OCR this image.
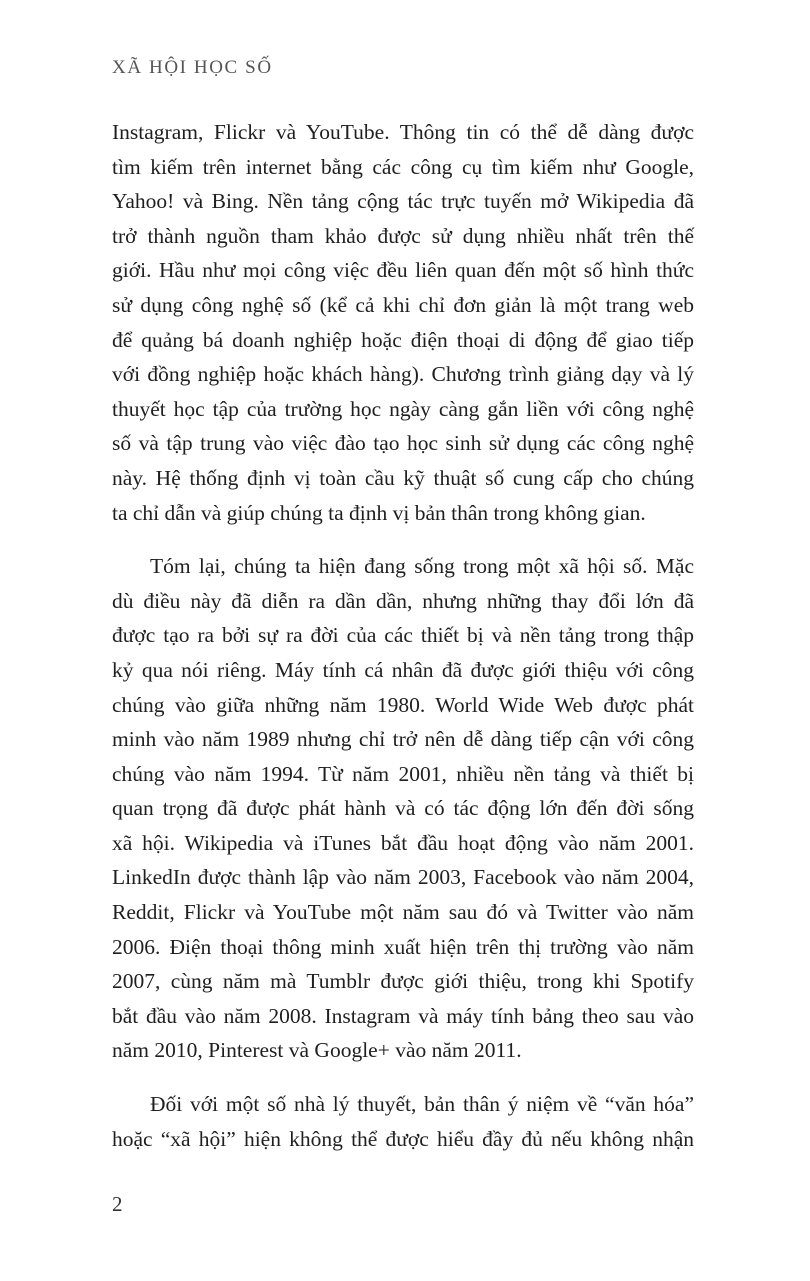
XÃ HỘI HỌC SỐ
Instagram, Flickr và YouTube. Thông tin có thể dễ dàng được
tìm kiếm trên internet bằng các công cụ tìm kiếm như Google,
Yahoo! và Bing. Nền tảng cộng tác trực tuyến mở Wikipedia đã
trở thành nguồn tham khảo được sử dụng nhiều nhất trên thế
giới. Hầu như mọi công việc đều liên quan đến một số hình thức
sử dụng công nghệ số (kể cả khi chỉ đơn giản là một trang web
để quảng bá doanh nghiệp hoặc điện thoại di động để giao tiếp
với đồng nghiệp hoặc khách hàng). Chương trình giảng dạy và lý
thuyết học tập của trường học ngày càng gắn liền với công nghệ
số và tập trung vào việc đào tạo học sinh sử dụng các công nghệ
này. Hệ thống định vị toàn cầu kỹ thuật số cung cấp cho chúng
ta chỉ dẫn và giúp chúng ta định vị bản thân trong không gian.
Tóm lại, chúng ta hiện đang sống trong một xã hội số. Mặc
dù điều này đã diễn ra dần dần, nhưng những thay đổi lớn đã
được tạo ra bởi sự ra đời của các thiết bị và nền tảng trong thập
kỷ qua nói riêng. Máy tính cá nhân đã được giới thiệu với công
chúng vào giữa những năm 1980. World Wide Web được phát
minh vào năm 1989 nhưng chỉ trở nên dễ dàng tiếp cận với công
chúng vào năm 1994. Từ năm 2001, nhiều nền tảng và thiết bị
quan trọng đã được phát hành và có tác động lớn đến đời sống
xã hội. Wikipedia và iTunes bắt đầu hoạt động vào năm 2001.
LinkedIn được thành lập vào năm 2003, Facebook vào năm 2004,
Reddit, Flickr và YouTube một năm sau đó và Twitter vào năm
2006. Điện thoại thông minh xuất hiện trên thị trường vào năm
2007, cùng năm mà Tumblr được giới thiệu, trong khi Spotify
bắt đầu vào năm 2008. Instagram và máy tính bảng theo sau vào
năm 2010, Pinterest và Google+ vào năm 2011.
Đối với một số nhà lý thuyết, bản thân ý niệm về “văn hóa”
hoặc “xã hội” hiện không thể được hiểu đầy đủ nếu không nhận
2
